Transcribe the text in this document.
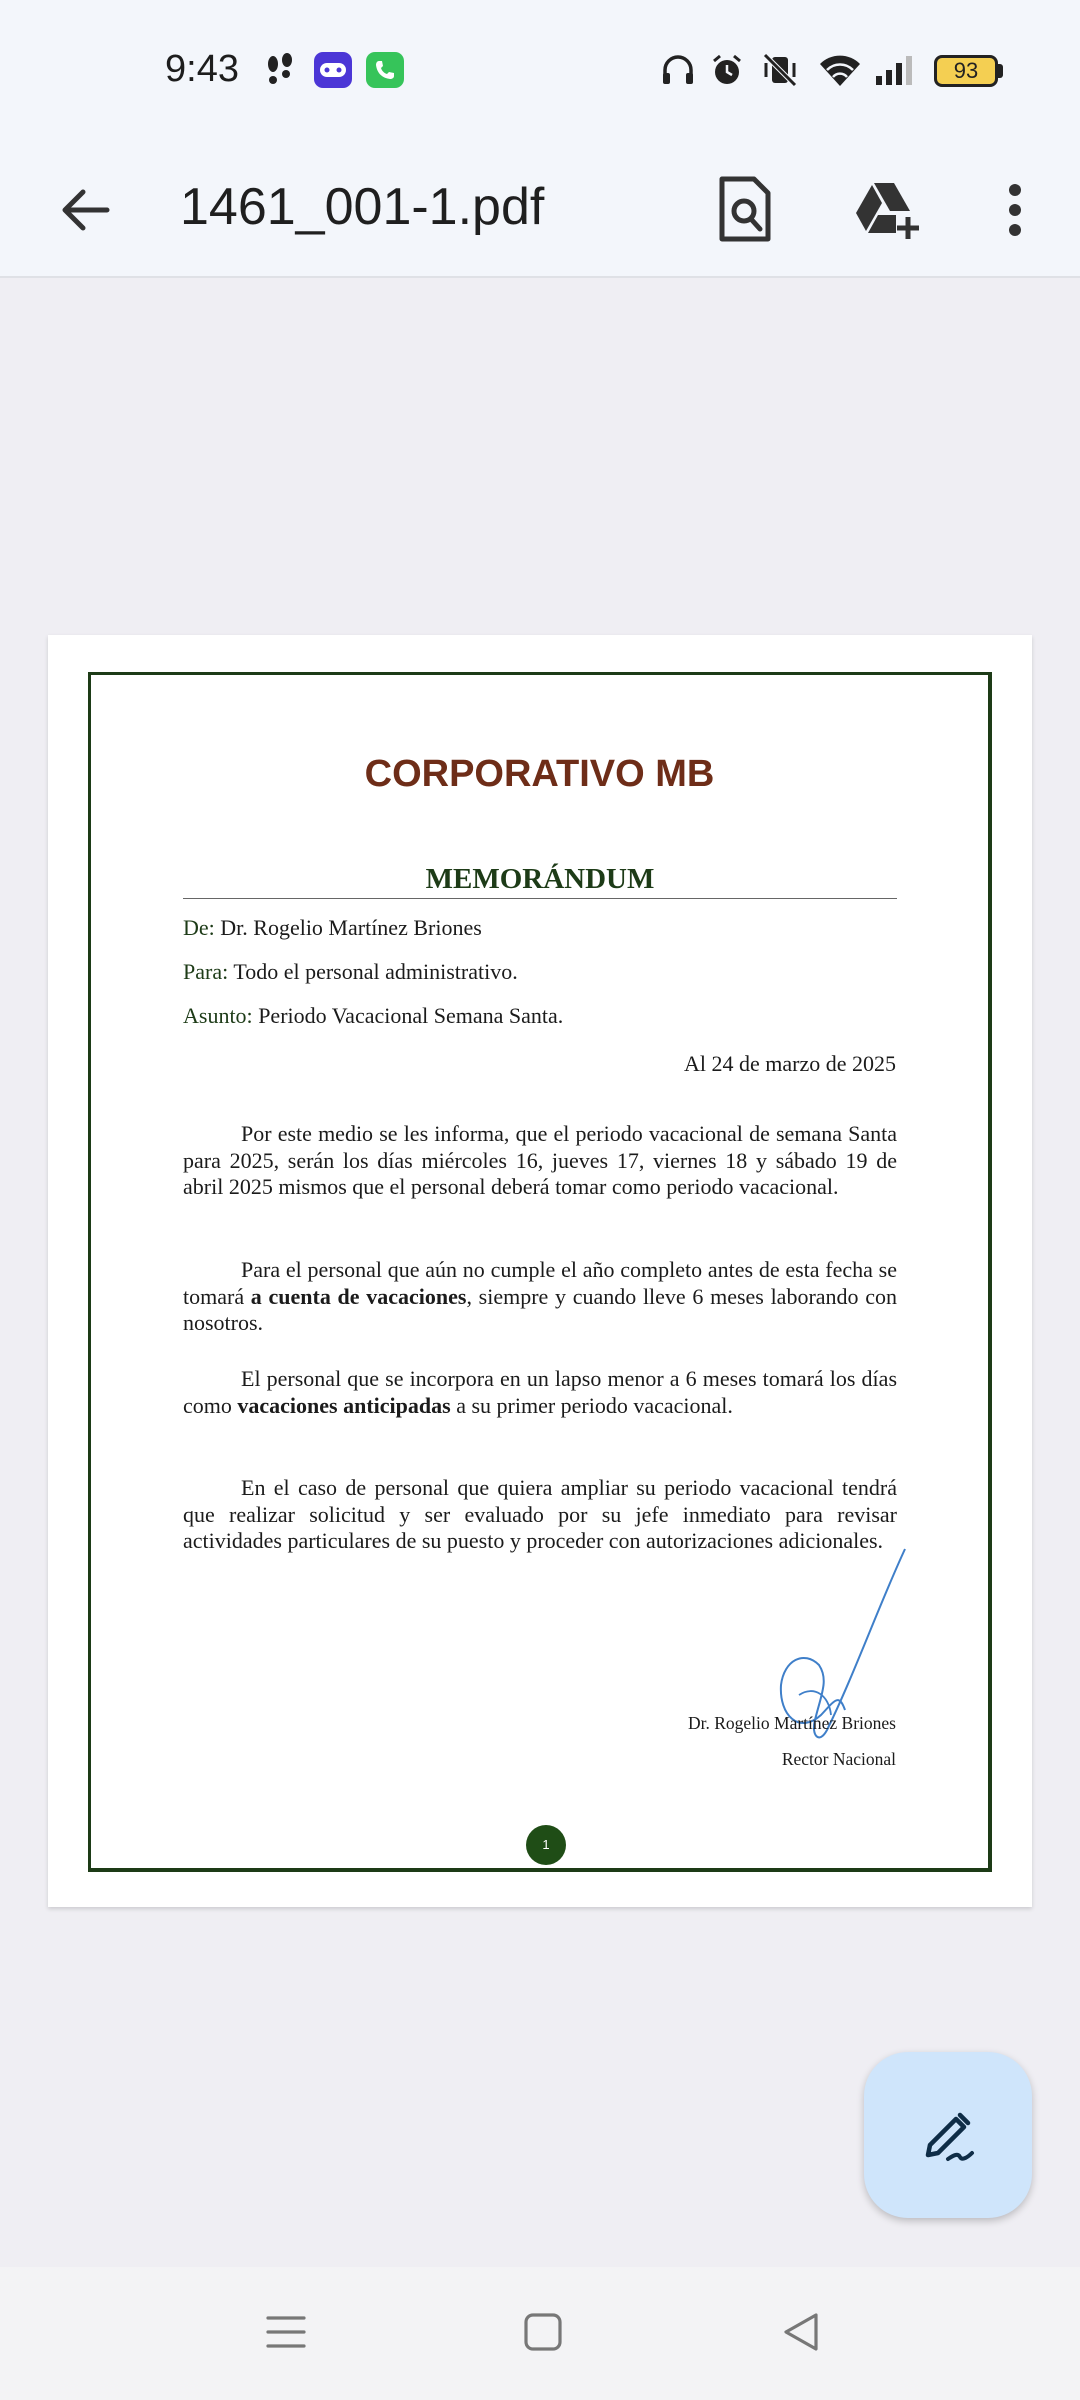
9:43	93
1461_001-1.pdf
CORPORATIVO MB
MEMORÁNDUM
De: Dr. Rogelio Martínez Briones
Para: Todo el personal administrativo.
Asunto: Periodo Vacacional Semana Santa.
Al 24 de marzo de 2025

Por este medio se les informa, que el periodo vacacional de semana Santa para 2025, serán los días miércoles 16, jueves 17, viernes 18 y sábado 19 de abril 2025 mismos que el personal deberá tomar como periodo vacacional.

Para el personal que aún no cumple el año completo antes de esta fecha se tomará a cuenta de vacaciones, siempre y cuando lleve 6 meses laborando con nosotros.

El personal que se incorpora en un lapso menor a 6 meses tomará los días como vacaciones anticipadas a su primer periodo vacacional.

En el caso de personal que quiera ampliar su periodo vacacional tendrá que realizar solicitud y ser evaluado por su jefe inmediato para revisar actividades particulares de su puesto y proceder con autorizaciones adicionales.

Dr. Rogelio Martínez Briones
Rector Nacional
1
